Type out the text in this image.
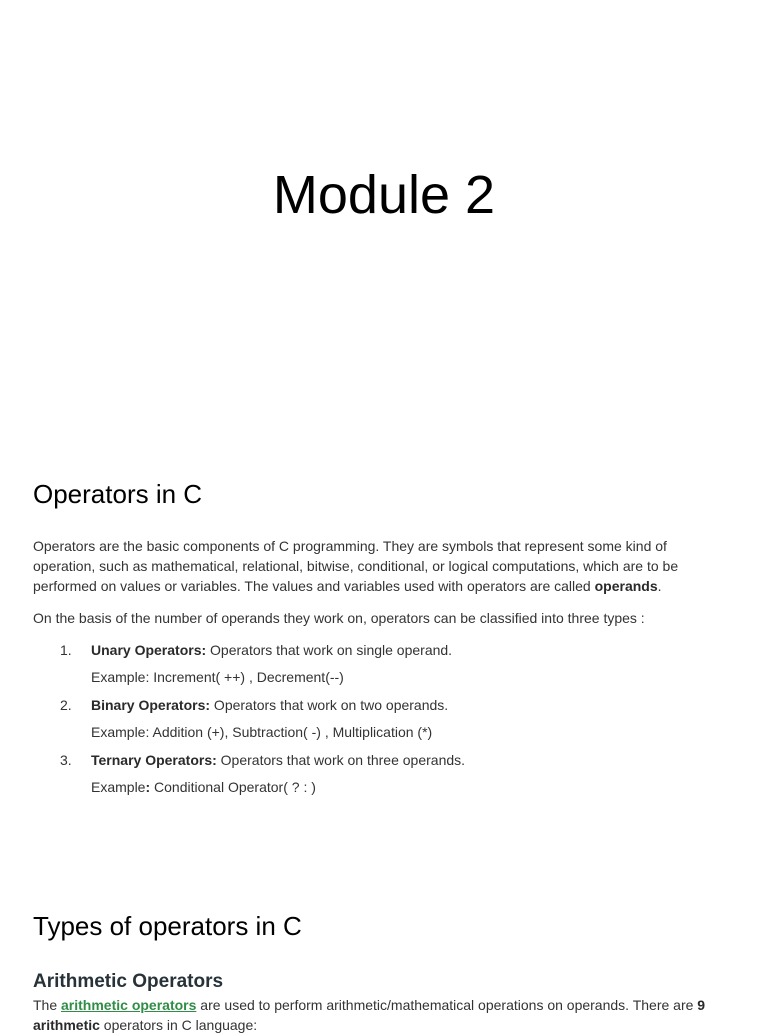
Module 2
Operators in C

Operators are the basic components of C programming. They are symbols that represent some kind of operation, such as mathematical, relational, bitwise, conditional, or logical computations, which are to be performed on values or variables. The values and variables used with operators are called operands.

On the basis of the number of operands they work on, operators can be classified into three types :

1. Unary Operators: Operators that work on single operand.
Example: Increment( ++) , Decrement(--)
2. Binary Operators: Operators that work on two operands.
Example: Addition (+), Subtraction( -) , Multiplication (*)
3. Ternary Operators: Operators that work on three operands.
Example: Conditional Operator( ? : )
Types of operators in C
Arithmetic Operators

The arithmetic operators are used to perform arithmetic/mathematical operations on operands. There are 9 arithmetic operators in C language:
